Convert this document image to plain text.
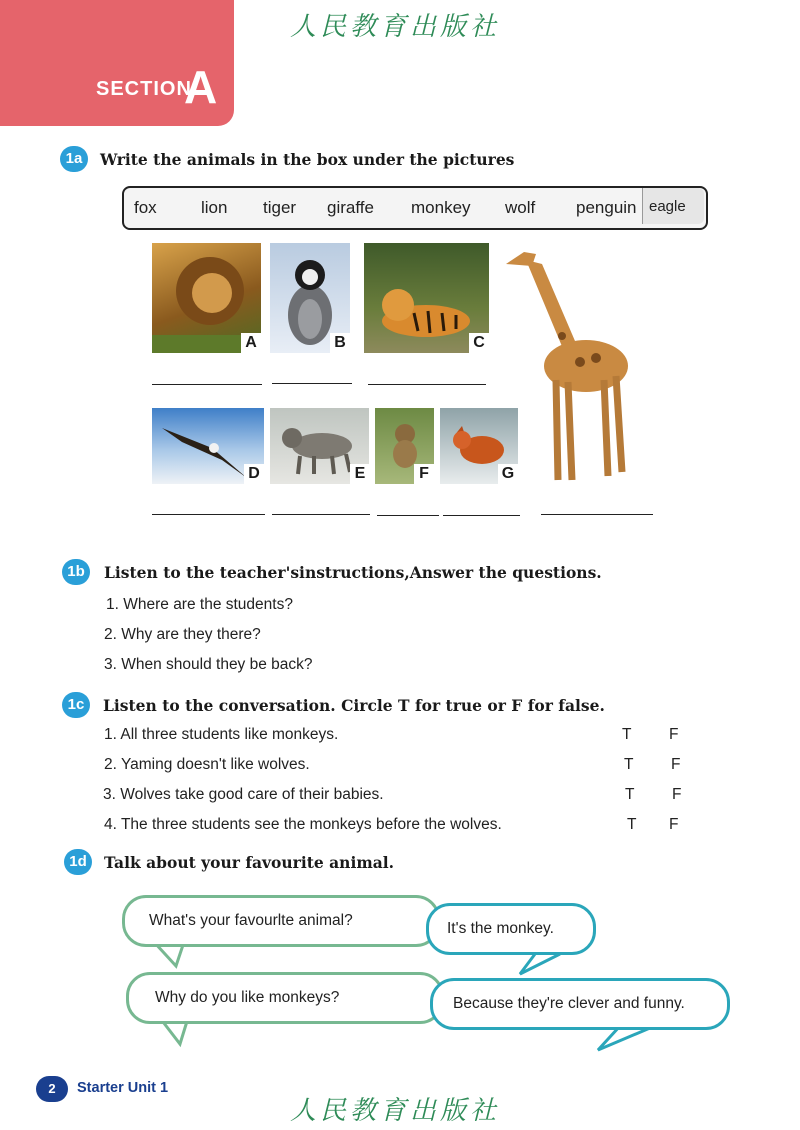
SECTION
A
人民教育出版社
1a	Write the animals in the box under the pictures
fox	lion tiger giraffe monkey wolf penguin eagle
A	B	C
D	E	F	G
1b	Listen to the teacher'sinstructions,Answer the questions.
1. Where are the students?
2. Why are they there?
3. When should they be back?
1c	Listen to the conversation. Circle T for true or F for false.
1. All three students like monkeys.	T F
2. Yaming doesn't like wolves.	T F
3. Wolves take good care of their babies.	T F
4. The three students see the monkeys before the wolves.	T F
1d	Talk about your favourite animal.
What's your favourlte animal?	It's the monkey.
Why do you like monkeys?	Because they're clever and funny.
2	Starter Unit 1
人民教育出版社
